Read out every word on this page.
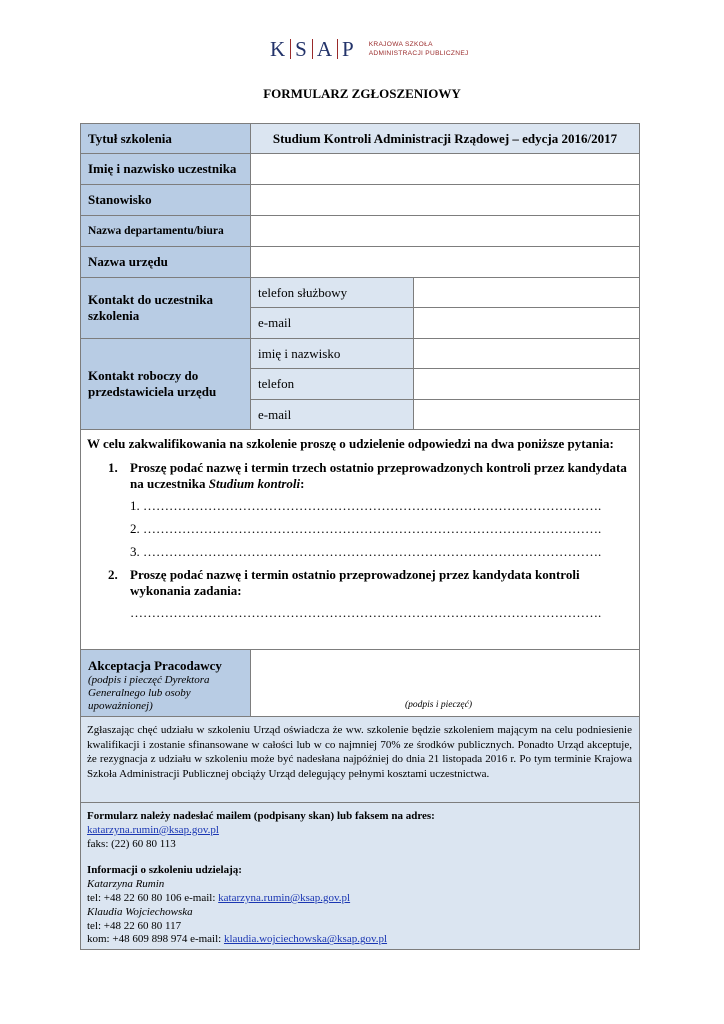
K S A P KRAJOWA SZKOŁA
ADMINISTRACJI PUBLICZNEJ
FORMULARZ ZGŁOSZENIOWY
Tytuł szkolenia	Studium Kontroli Administracji Rządowej – edycja 2016/2017
Imię i nazwisko uczestnika
Stanowisko
Nazwa departamentu/biura
Nazwa urzędu
Kontakt do uczestnika szkolenia
telefon służbowy
e-mail
Kontakt roboczy do przedstawiciela urzędu
imię i nazwisko
telefon
e-mail
W celu zakwalifikowania na szkolenie proszę o udzielenie odpowiedzi na dwa poniższe pytania:
1. Proszę podać nazwę i termin trzech ostatnio przeprowadzonych kontroli przez kandydata na uczestnika Studium kontroli:
1. …………………………………………………………………………………………….
2. …………………………………………………………………………………………….
3. …………………………………………………………………………………………….
2. Proszę podać nazwę i termin ostatnio przeprowadzonej przez kandydata kontroli wykonania zadania:
……………………………………………………………………………………………….
Akceptacja Pracodawcy
(podpis i pieczęć Dyrektora Generalnego lub osoby upoważnionej)	(podpis i pieczęć)
Zgłaszając chęć udziału w szkoleniu Urząd oświadcza że ww. szkolenie będzie szkoleniem mającym na celu podniesienie kwalifikacji i zostanie sfinansowane w całości lub w co najmniej 70% ze środków publicznych. Ponadto Urząd akceptuje, że rezygnacja z udziału w szkoleniu może być nadesłana najpóźniej do dnia 21 listopada 2016 r. Po tym terminie Krajowa Szkoła Administracji Publicznej obciąży Urząd delegujący pełnymi kosztami uczestnictwa.
Formularz należy nadesłać mailem (podpisany skan) lub faksem na adres:
katarzyna.rumin@ksap.gov.pl
faks: (22) 60 80 113
Informacji o szkoleniu udzielają:
Katarzyna Rumin
tel: +48 22 60 80 106 e-mail: katarzyna.rumin@ksap.gov.pl
Klaudia Wojciechowska
tel: +48 22 60 80 117
kom: +48 609 898 974 e-mail: klaudia.wojciechowska@ksap.gov.pl
